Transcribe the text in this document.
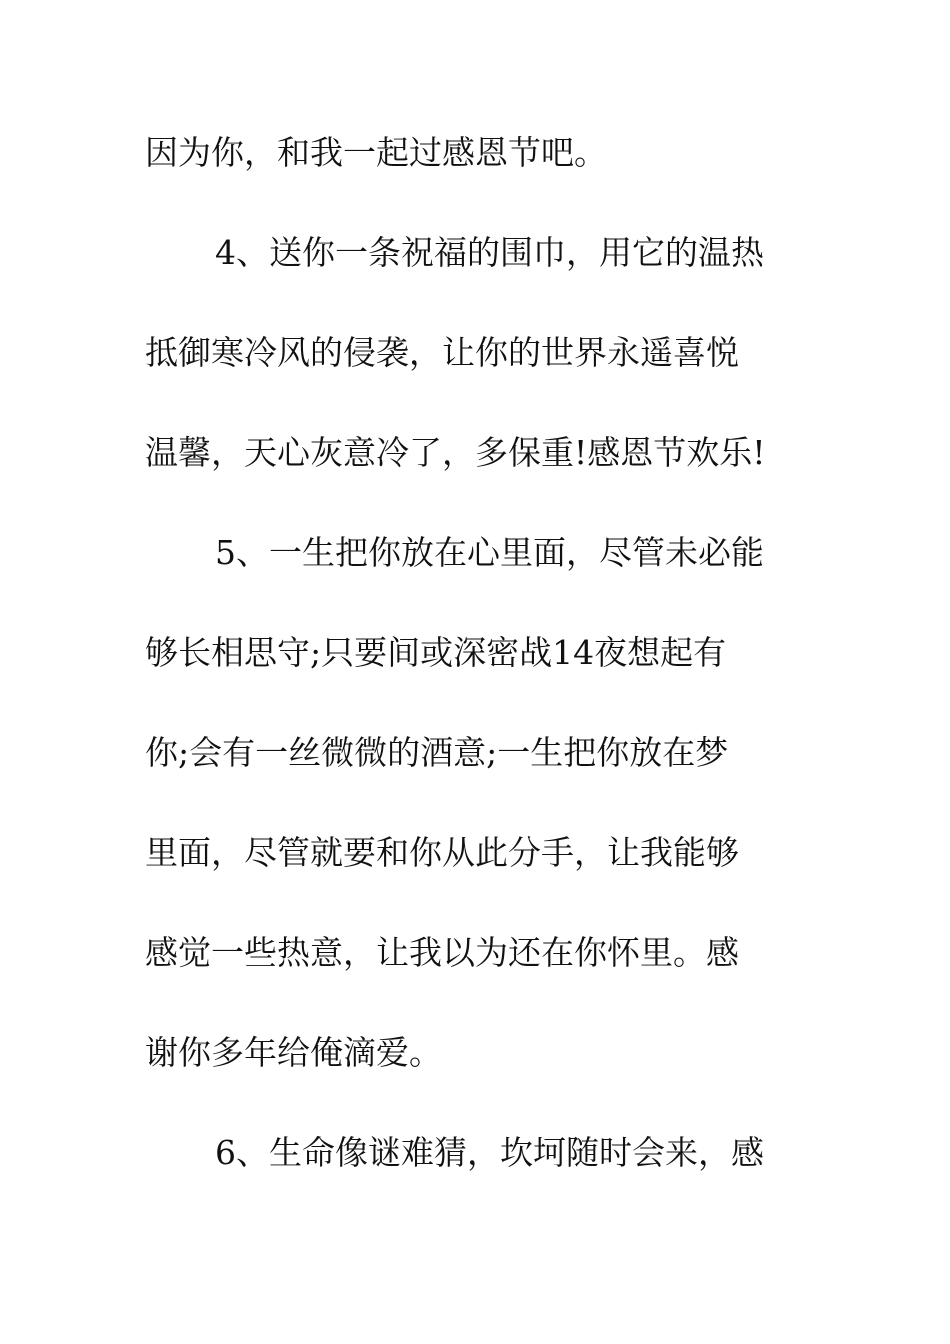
因为你，和我一起过感恩节吧。
4、送你一条祝福的围巾，用它的温热
抵御寒冷风的侵袭，让你的世界永遥喜悦
温馨，天心灰意冷了，多保重!感恩节欢乐!
5、一生把你放在心里面，尽管未必能
够长相思守;只要间或深密战14夜想起有
你;会有一丝微微的酒意;一生把你放在梦
里面，尽管就要和你从此分手，让我能够
感觉一些热意，让我以为还在你怀里。感
谢你多年给俺滴爱。
6、生命像谜难猜，坎坷随时会来，感
